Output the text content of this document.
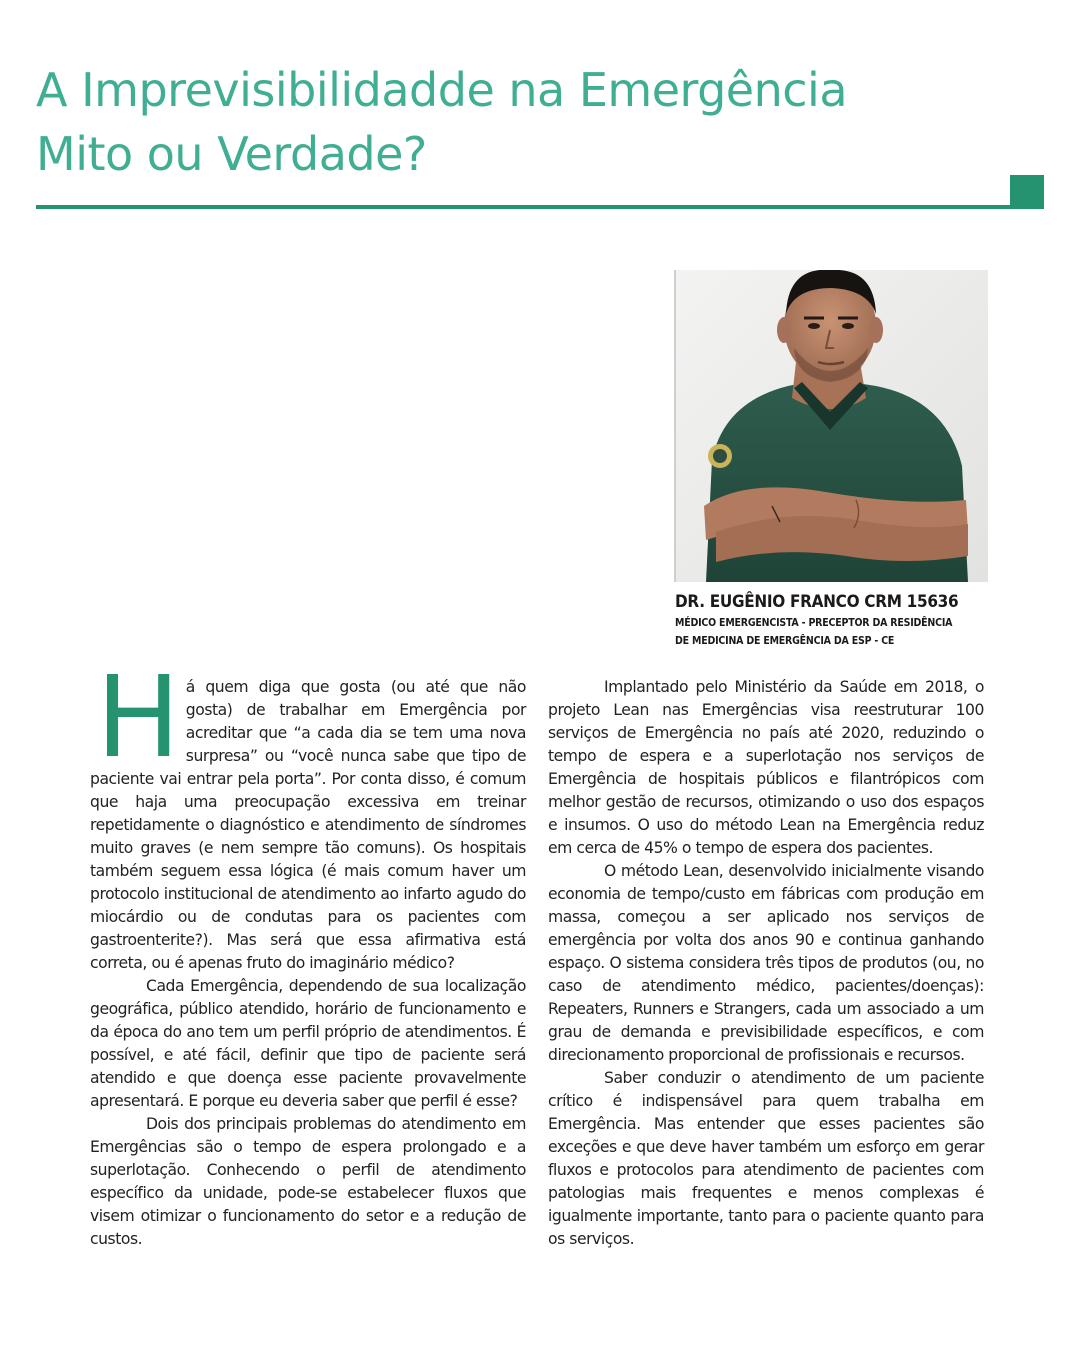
A Imprevisibilidadde na Emergência
Mito ou Verdade?
DR. EUGÊNIO FRANCO CRM 15636
MÉDICO EMERGENCISTA - PRECEPTOR DA RESIDÊNCIA
DE MEDICINA DE EMERGÊNCIA DA ESP - CE

Há quem diga que gosta (ou até que não gosta) de trabalhar em Emergência por acreditar que “a cada dia se tem uma nova surpresa” ou “você nunca sabe que tipo de paciente vai entrar pela porta”. Por conta disso, é comum que haja uma preocupação excessiva em treinar repetidamente o diagnóstico e atendimento de síndromes muito graves (e nem sempre tão comuns). Os hospitais também seguem essa lógica (é mais comum haver um protocolo institucional de atendimento ao infarto agudo do miocárdio ou de condutas para os pacientes com gastroenterite?). Mas será que essa afirmativa está correta, ou é apenas fruto do imaginário médico?

Cada Emergência, dependendo de sua localização geográfica, público atendido, horário de funcionamento e da época do ano tem um perfil próprio de atendimentos. É possível, e até fácil, definir que tipo de paciente será atendido e que doença esse paciente provavelmente apresentará. E porque eu deveria saber que perfil é esse?

Dois dos principais problemas do atendimento em Emergências são o tempo de espera prolongado e a superlotação. Conhecendo o perfil de atendimento específico da unidade, pode-se estabelecer fluxos que visem otimizar o funcionamento do setor e a redução de custos.

Implantado pelo Ministério da Saúde em 2018, o projeto Lean nas Emergências visa reestruturar 100 serviços de Emergência no país até 2020, reduzindo o tempo de espera e a superlotação nos serviços de Emergência de hospitais públicos e filantrópicos com melhor gestão de recursos, otimizando o uso dos espaços e insumos. O uso do método Lean na Emergência reduz em cerca de 45% o tempo de espera dos pacientes.

O método Lean, desenvolvido inicialmente visando economia de tempo/custo em fábricas com produção em massa, começou a ser aplicado nos serviços de emergência por volta dos anos 90 e continua ganhando espaço. O sistema considera três tipos de produtos (ou, no caso de atendimento médico, pacientes/doenças): Repeaters, Runners e Strangers, cada um associado a um grau de demanda e previsibilidade específicos, e com direcionamento proporcional de profissionais e recursos.

Saber conduzir o atendimento de um paciente crítico é indispensável para quem trabalha em Emergência. Mas entender que esses pacientes são exceções e que deve haver também um esforço em gerar fluxos e protocolos para atendimento de pacientes com patologias mais frequentes e menos complexas é igualmente importante, tanto para o paciente quanto para os serviços.
